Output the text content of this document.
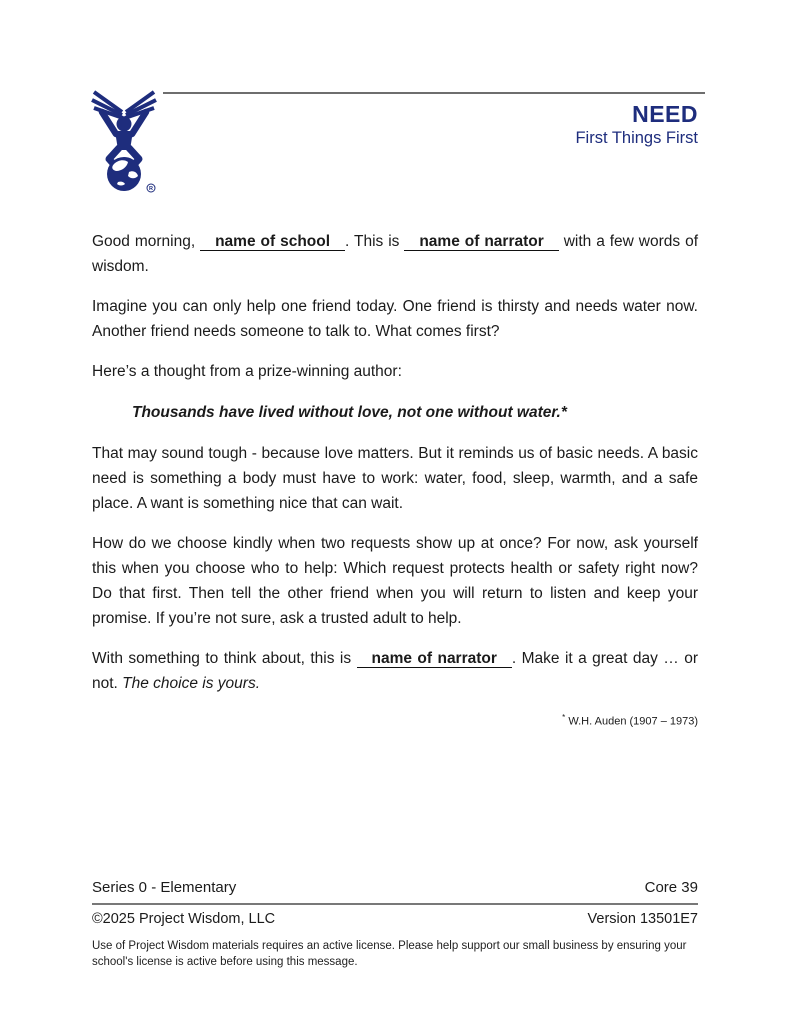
R
NEED
First Things First

Good morning, name of school . This is name of narrator with a few words of wisdom.

Imagine you can only help one friend today. One friend is thirsty and needs water now. Another friend needs someone to talk to. What comes first?

Here’s a thought from a prize-winning author:

Thousands have lived without love, not one without water.*

That may sound tough - because love matters. But it reminds us of basic needs. A basic need is something a body must have to work: water, food, sleep, warmth, and a safe place. A want is something nice that can wait.

How do we choose kindly when two requests show up at once? For now, ask yourself this when you choose who to help: Which request protects health or safety right now? Do that first. Then tell the other friend when you will return to listen and keep your promise. If you’re not sure, ask a trusted adult to help.

With something to think about, this is name of narrator . Make it a great day … or not. The choice is yours.

* W.H. Auden (1907 – 1973)
Series 0 - Elementary	Core 39
©2025 Project Wisdom, LLC	Version 13501E7
Use of Project Wisdom materials requires an active license. Please help support our small business by ensuring your school's license is active before using this message.
